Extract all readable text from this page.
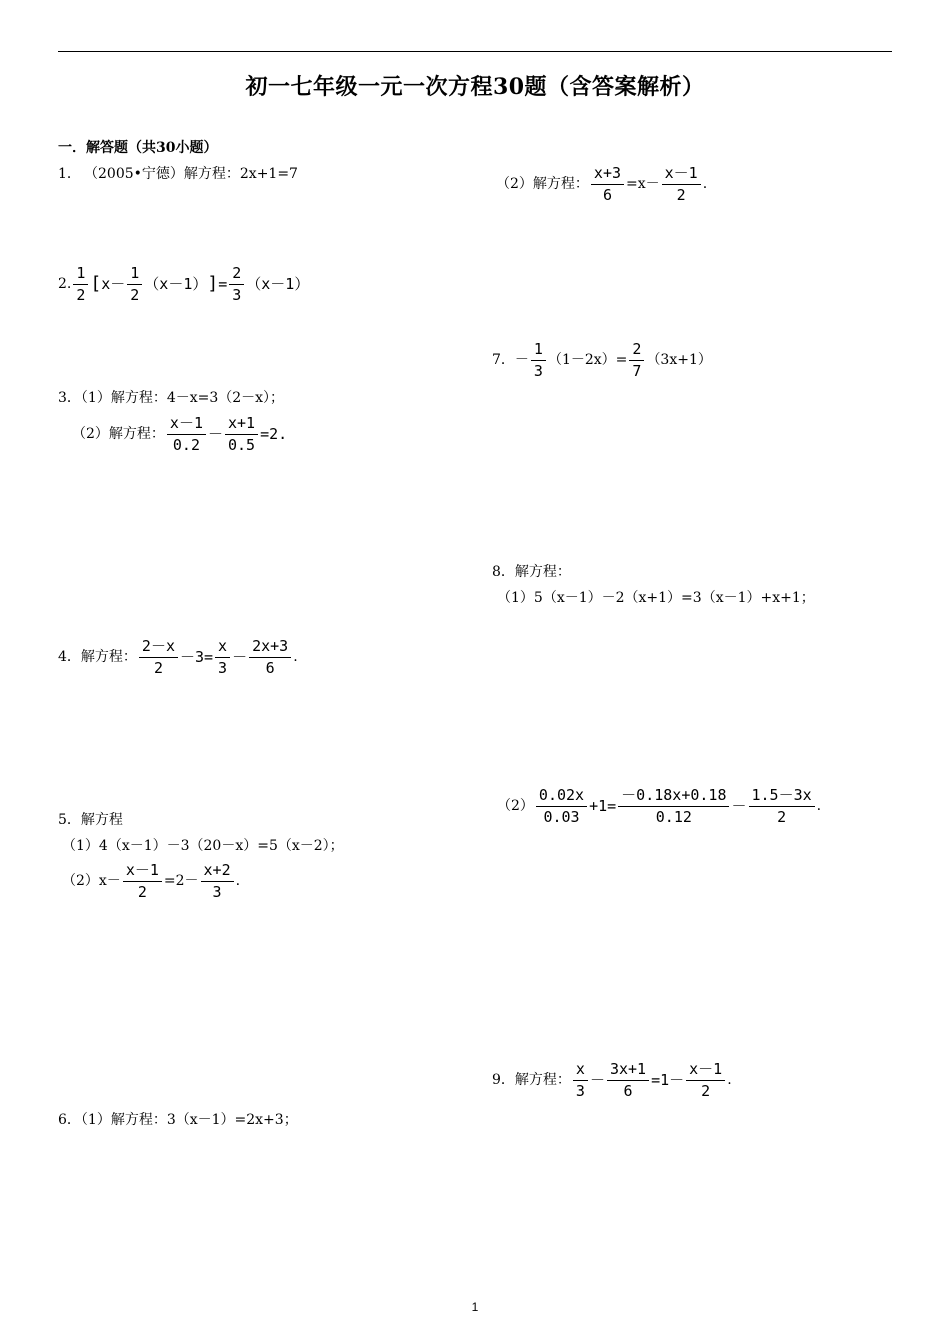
初一七年级一元一次方程30题（含答案解析）
一．解答题（共30小题）
1． （2005•宁德）解方程：2x+1=7
2. $\frac{1}{2}$ [ $x- \frac{1}{2} (x-1)$ ] = $\frac{2}{3} (x-1)$
3．（1）解方程：4－x=3（2－x）；
（2）解方程： $\frac{x-1}{0.2} - \frac{x+1}{0.5} =2$.
4．解方程： $\frac{2-x}{2} -3= \frac{x}{3} - \frac{2x+3}{6}$ .
5．解方程
（1）4（x－1）－3（20－x）=5（x－2）；
$(2)x- \frac{x-1}{2} =2- \frac{x+2}{3}$ .
6．（1）解方程：3（x－1）=2x+3；
（2）解方程： $\frac{x+3}{6} =x- \frac{x-1}{2}$ .
7．－ $\frac{1}{3} (1-2x)= \frac{2}{7} (3x+1)$
8．解方程：
（1）5（x－1）－2（x+1）=3（x－1）+x+1；
$(2) \frac{0.02x}{0.03} +1= \frac{-0.18x+0.18}{0.12} - \frac{1.5-3x}{2}$ .
9．解方程： $\frac{x}{3} - \frac{3x+1}{6} =1- \frac{x-1}{2}$ .
1
